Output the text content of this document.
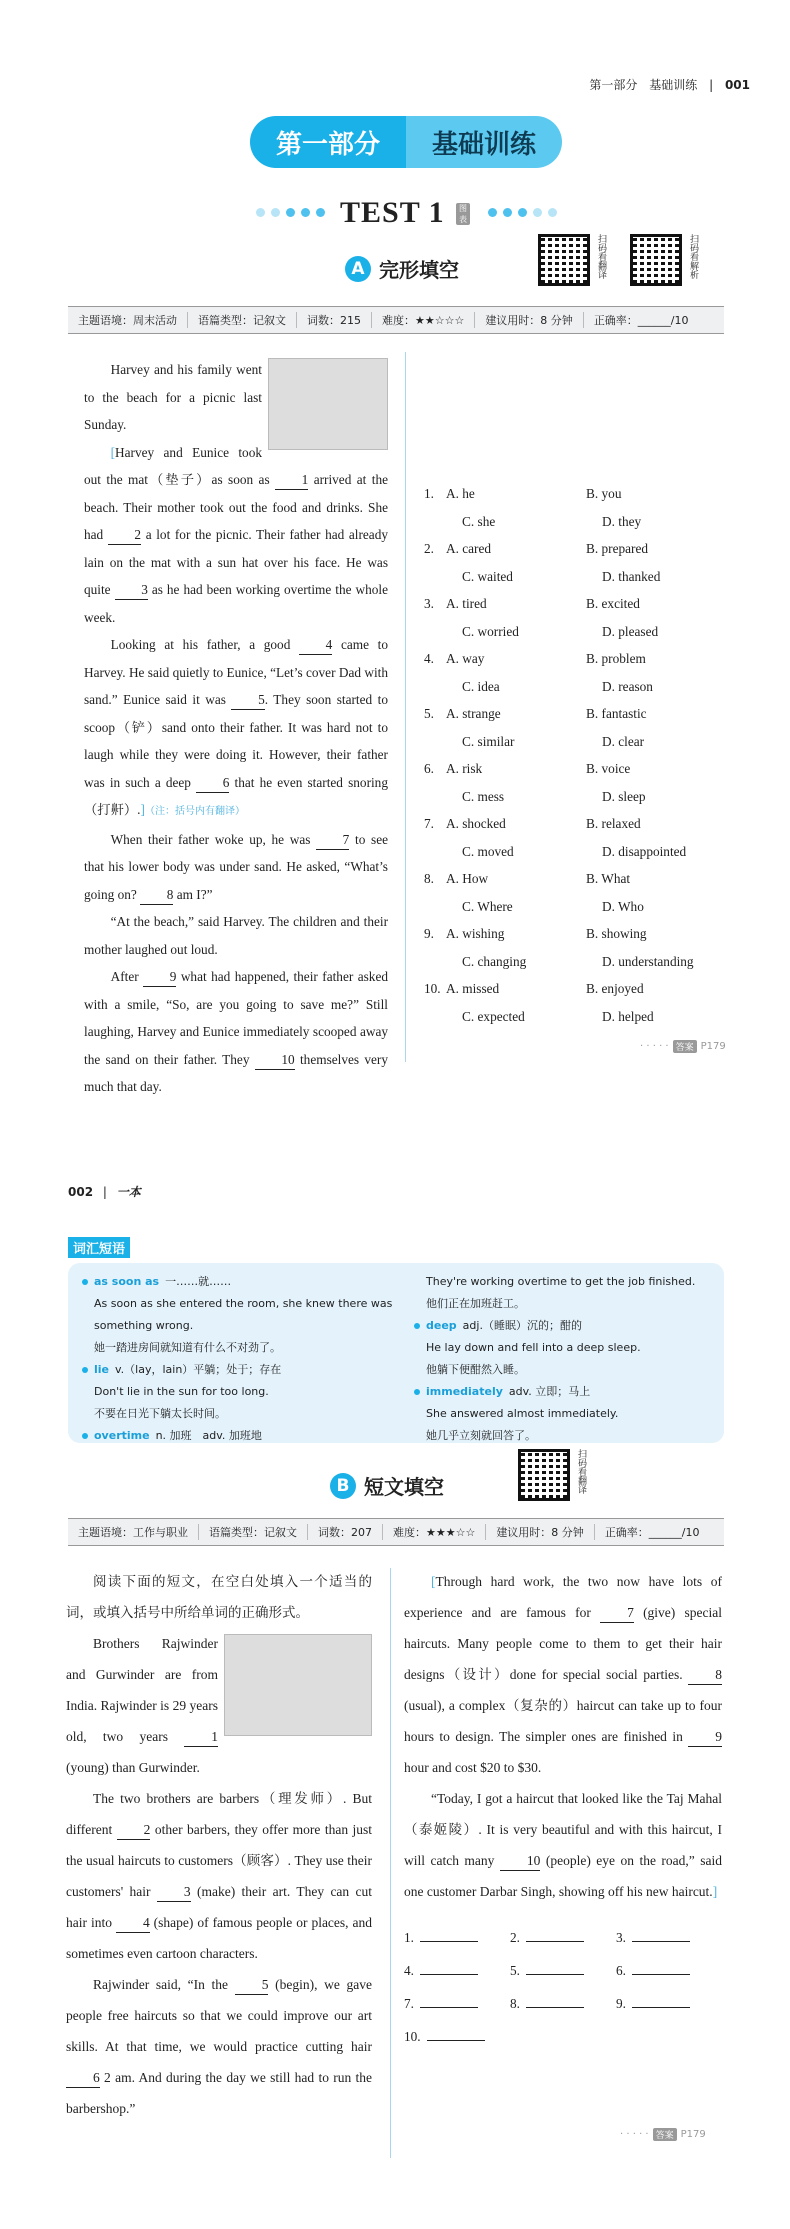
第一部分 基础训练 | 001
第一部分	基础训练
TEST 1	图表
A 完形填空	扫码看翻译	扫码看解析
主题语境：周末活动	语篇类型：记叙文	词数：215	难度：★★☆☆☆	建议用时：8 分钟	正确率：______/10

Harvey and his family went to the beach for a picnic last Sunday.

[Harvey and Eunice took out the mat（垫子）as soon as 1 arrived at the beach. Their mother took out the food and drinks. She had 2 a lot for the picnic. Their father had already lain on the mat with a sun hat over his face. He was quite 3 as he had been working overtime the whole week.

Looking at his father, a good	4 came to Harvey. He said quietly to Eunice, “Let’s cover Dad with sand.” Eunice said it was 5. They soon started to scoop（铲）sand onto their father. It was hard not to laugh while they were doing it. However, their father was in such a deep 6 that he even started snoring（打鼾）.]（注：括号内有翻译）

When their father woke up, he was 7 to see that his lower body was under sand. He asked, “What’s going on? 8 am I?”

“At the beach,” said Harvey. The children and their mother laughed out loud.

After 9 what had happened, their father asked with a smile, “So, are you going to save me?” Still laughing, Harvey and Eunice immediately scooped away the sand on their father. They 10 themselves very much that day.

1. A. he	B. you
C. she	D. they
2. A. cared	B. prepared
C. waited	D. thanked
3. A. tired	B. excited
C. worried	D. pleased
4. A. way	B. problem
C. idea	D. reason
5. A. strange	B. fantastic
C. similar	D. clear
6. A. risk	B. voice
C. mess	D. sleep
7. A. shocked	B. relaxed
C. moved	D. disappointed
8. A. How	B. What
C. Where	D. Who
9. A. wishing	B. showing
C. changing	D. understanding
10. A. missed	B. enjoyed
C. expected	D. helped
· · · · · 答案 P179
002 | 一本
词汇短语
as soon as 一……就……
As soon as she entered the room, she knew there was
something wrong.
她一踏进房间就知道有什么不对劲了。
lie v.（lay，lain）平躺；处于；存在
Don't lie in the sun for too long.
不要在日光下躺太长时间。
overtime n. 加班　adv. 加班地
They're working overtime to get the job finished.
他们正在加班赶工。
deep adj.（睡眠）沉的；酣的
He lay down and fell into a deep sleep.
他躺下便酣然入睡。
immediately adv. 立即；马上
She answered almost immediately.
她几乎立刻就回答了。
B 短文填空	扫码看翻译
主题语境：工作与职业	语篇类型：记叙文	词数：207	难度：★★★☆☆	建议用时：8 分钟	正确率：______/10

阅读下面的短文，在空白处填入一个适当的词，或填入括号中所给单词的正确形式。

Brothers Rajwinder and Gurwinder are from India. Rajwinder is 29 years old, two years	1 (young) than Gurwinder.

The two brothers are barbers（理发师）. But different 2 other barbers, they offer more than just the usual haircuts to customers（顾客）. They use their customers' hair 3 (make) their art. They can cut hair into 4 (shape) of famous people or places, and sometimes even cartoon characters.

Rajwinder said, “In the 5 (begin), we gave people free haircuts so that we could improve our art skills. At that time, we would practice cutting hair 6 2 am. And during the day we still had to run the barbershop.”

[Through hard work, the two now have lots of experience and are famous for	7 (give) special haircuts. Many people come to them to get their hair designs（设计）done for special social parties. 8 (usual), a complex（复杂的）haircut can take up to four hours to design. The simpler ones are finished in 9 hour and cost $20 to $30.

“Today, I got a haircut that looked like the Taj Mahal（泰姬陵）. It is very beautiful and with this haircut, I will catch many 10 (people) eye on the road,” said one customer Darbar Singh, showing off his new haircut.]

1.	2.	3.
4.	5.	6.
7.	8.	9.
10.
· · · · · 答案 P179
